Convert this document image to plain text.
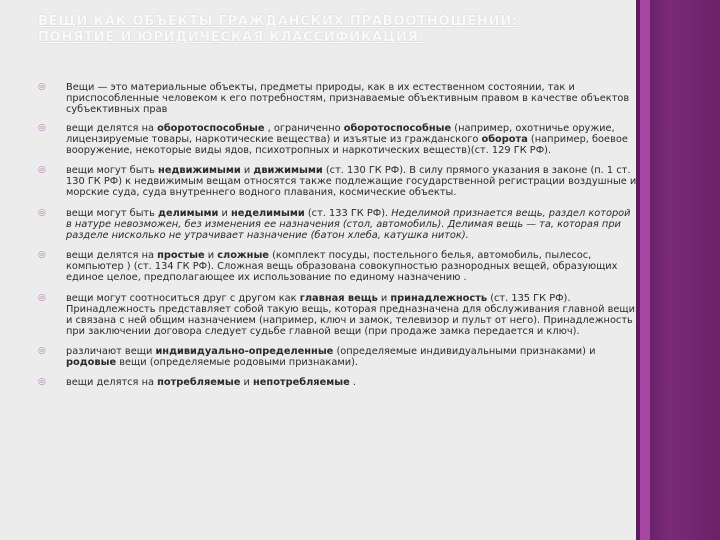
ВЕЩИ КАК ОБЪЕКТЫ ГРАЖДАНСКИХ ПРАВООТНОШЕНИЙ: ПОНЯТИЕ И ЮРИДИЧЕСКАЯ КЛАССИФИКАЦИЯ.
◎ Вещи — это материальные объекты, предметы природы, как в их естественном состоянии, так и приспособленные человеком к его потребностям, признаваемые объективным правом в качестве объектов субъективных прав
◎ вещи делятся на оборотоспособные , ограниченно оборотоспособные (например, охотничье оружие, лицензируемые товары, наркотические вещества) и изъятые из гражданского оборота (например, боевое вооружение, некоторые виды ядов, психотропных и наркотических веществ)(ст. 129 ГК РФ).
◎ вещи могут быть недвижимыми и движимыми (ст. 130 ГК РФ). В силу прямого указания в законе (п. 1 ст. 130 ГК РФ) к недвижимым вещам относятся также подлежащие государственной регистрации воздушные и морские суда, суда внутреннего водного плавания, космические объекты.
◎ вещи могут быть делимыми и неделимыми (ст. 133 ГК РФ). Неделимой признается вещь, раздел которой в натуре невозможен, без изменения ее назначения (стол, автомобиль). Делимая вещь — та, которая при разделе нисколько не утрачивает назначение (батон хлеба, катушка ниток).
◎ вещи делятся на простые и сложные (комплект посуды, постельного белья, автомобиль, пылесос, компьютер ) (ст. 134 ГК РФ). Сложная вещь образована совокупностью разнородных вещей, образующих единое целое, предполагающее их использование по единому назначению .
◎ вещи могут соотноситься друг с другом как главная вещь и принадлежность (ст. 135 ГК РФ). Принадлежность представляет собой такую вещь, которая предназначена для обслуживания главной вещи и связана с ней общим назначением (например, ключ и замок, телевизор и пульт от него). Принадлежность при заключении договора следует судьбе главной вещи (при продаже замка передается и ключ).
◎ различают вещи индивидуально-определенные (определяемые индивидуальными признаками) и родовые вещи (определяемые родовыми признаками).
◎ вещи делятся на потребляемые и непотребляемые .
